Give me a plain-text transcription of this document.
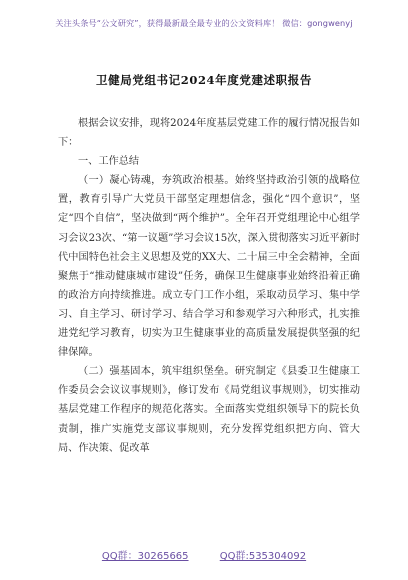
关注头条号“公文研究”，获得最新最全最专业的公文资料库！ 微信：gongwenyj
卫健局党组书记2024年度党建述职报告

根据会议安排，现将2024年度基层党建工作的履行情况报告如下：

一、工作总结

（一）凝心铸魂，夯筑政治根基。始终坚持政治引领的战略位置，教育引导广大党员干部坚定理想信念，强化“四个意识”，坚定“四个自信”，坚决做到“两个维护”。全年召开党组理论中心组学习会议23次、“第一议题”学习会议15次，深入贯彻落实习近平新时代中国特色社会主义思想及党的XX大、二十届三中全会精神，全面聚焦于“推动健康城市建设”任务，确保卫生健康事业始终沿着正确的政治方向持续推进。成立专门工作小组，采取动员学习、集中学习、自主学习、研讨学习、结合学习和参观学习六种形式，扎实推进党纪学习教育，切实为卫生健康事业的高质量发展提供坚强的纪律保障。

（二）强基固本，筑牢组织堡垒。研究制定《县委卫生健康工作委员会会议议事规则》，修订发布《局党组议事规则》，切实推动基层党建工作程序的规范化落实。全面落实党组织领导下的院长负责制，推广实施党支部议事规则，充分发挥党组织把方向、管大局、作决策、促改革

QQ群：30265665	QQ群:535304092
